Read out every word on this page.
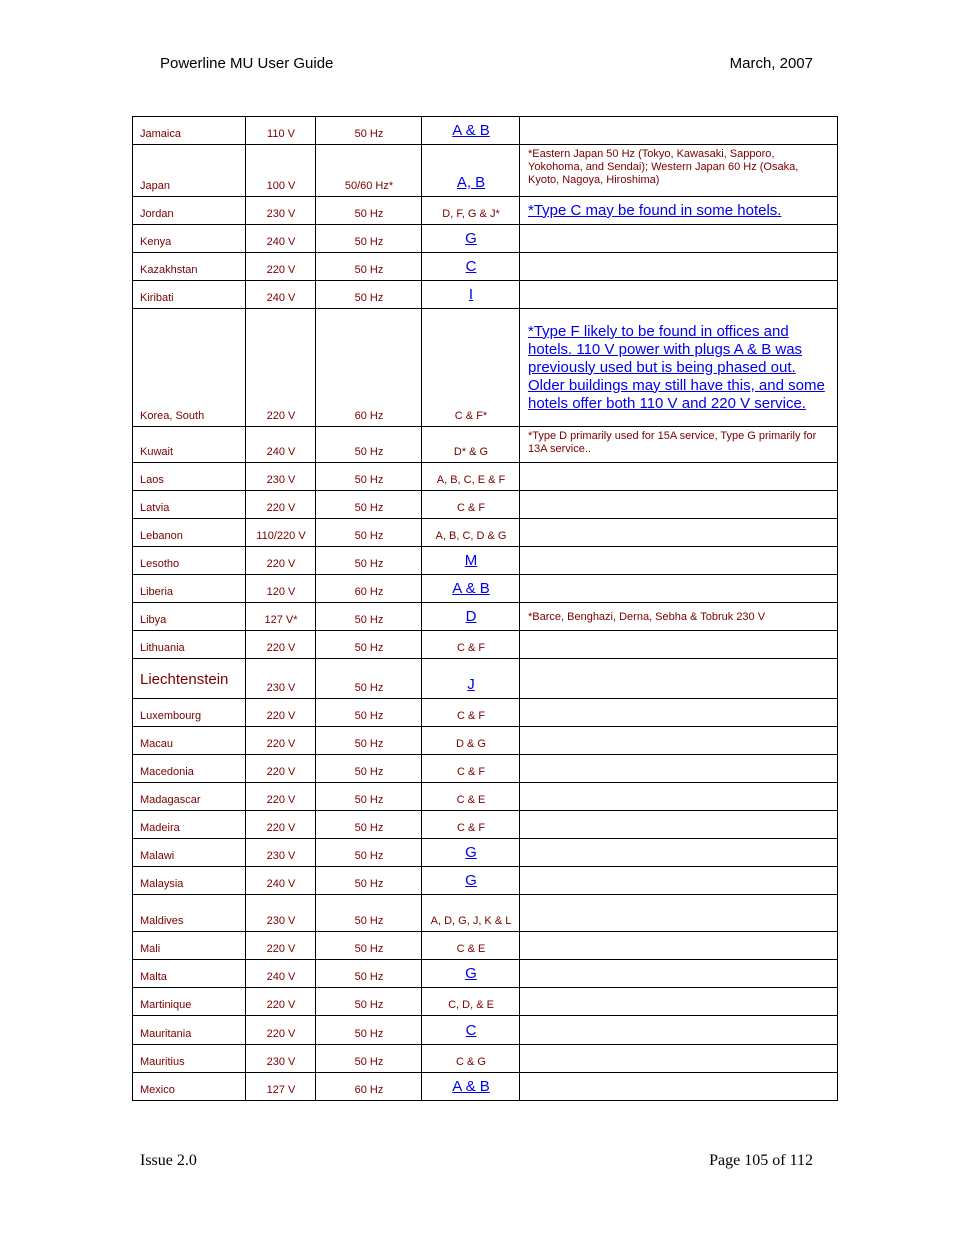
Powerline MU User Guide	March, 2007
Jamaica	110 V	50 Hz	A & B	
Japan	100 V	50/60 Hz*	A, B	*Eastern Japan 50 Hz (Tokyo, Kawasaki, Sapporo, Yokohoma, and Sendai); Western Japan 60 Hz (Osaka, Kyoto, Nagoya, Hiroshima)
Jordan	230 V	50 Hz	D, F, G & J*	*Type C may be found in some hotels.
Kenya	240 V	50 Hz	G	
Kazakhstan	220 V	50 Hz	C	
Kiribati	240 V	50 Hz	I	
Korea, South	220 V	60 Hz	C & F*	*Type F likely to be found in offices and hotels. 110 V power with plugs A & B was previously used but is being phased out. Older buildings may still have this, and some hotels offer both 110 V and 220 V service.
Kuwait	240 V	50 Hz	D* & G	*Type D primarily used for 15A service, Type G primarily for 13A service..
Laos	230 V	50 Hz	A, B, C, E & F	
Latvia	220 V	50 Hz	C & F	
Lebanon	110/220 V	50 Hz	A, B, C, D & G	
Lesotho	220 V	50 Hz	M	
Liberia	120 V	60 Hz	A & B	
Libya	127 V*	50 Hz	D	*Barce, Benghazi, Derna, Sebha & Tobruk 230 V
Lithuania	220 V	50 Hz	C & F	
Liechtenstein	230 V	50 Hz	J	
Luxembourg	220 V	50 Hz	C & F	
Macau	220 V	50 Hz	D & G	
Macedonia	220 V	50 Hz	C & F	
Madagascar	220 V	50 Hz	C & E	
Madeira	220 V	50 Hz	C & F	
Malawi	230 V	50 Hz	G	
Malaysia	240 V	50 Hz	G	
Maldives	230 V	50 Hz	A, D, G, J, K & L	
Mali	220 V	50 Hz	C & E	
Malta	240 V	50 Hz	G	
Martinique	220 V	50 Hz	C, D, & E	
Mauritania	220 V	50 Hz	C	
Mauritius	230 V	50 Hz	C & G	
Mexico	127 V	60 Hz	A & B	
Issue 2.0	Page 105 of 112
